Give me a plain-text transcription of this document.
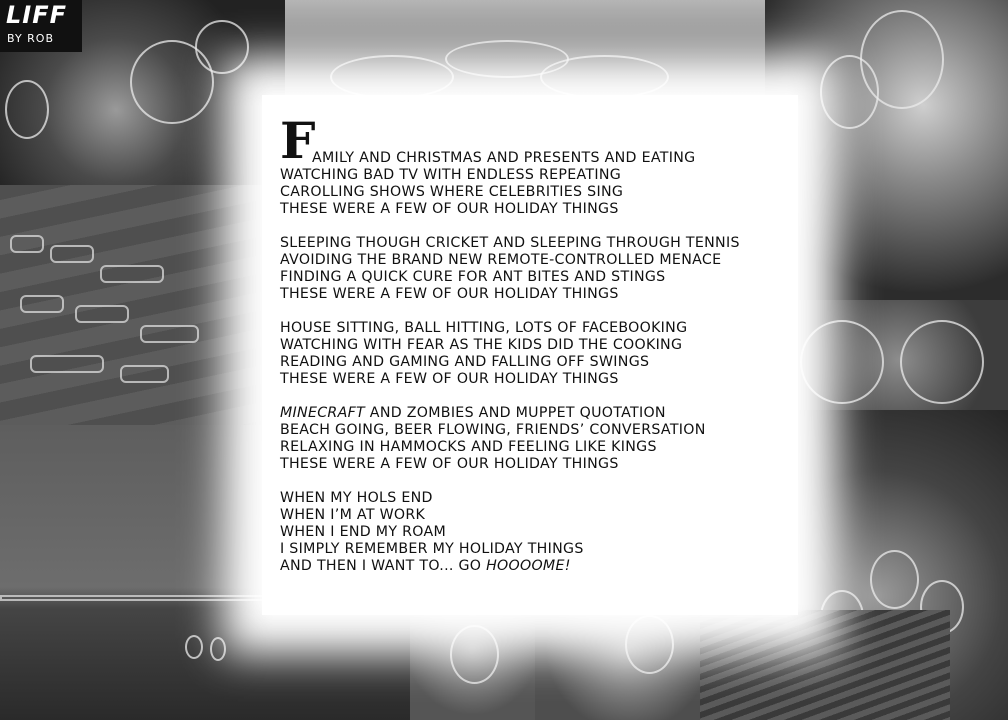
LIFF
BY ROB
F
AMILY AND CHRISTMAS AND PRESENTS AND EATING
WATCHING BAD TV WITH ENDLESS REPEATING
CAROLLING SHOWS WHERE CELEBRITIES SING
THESE WERE A FEW OF OUR HOLIDAY THINGS
SLEEPING THOUGH CRICKET AND SLEEPING THROUGH TENNIS
AVOIDING THE BRAND NEW REMOTE-CONTROLLED MENACE
FINDING A QUICK CURE FOR ANT BITES AND STINGS
THESE WERE A FEW OF OUR HOLIDAY THINGS
HOUSE SITTING, BALL HITTING, LOTS OF FACEBOOKING
WATCHING WITH FEAR AS THE KIDS DID THE COOKING
READING AND GAMING AND FALLING OFF SWINGS
THESE WERE A FEW OF OUR HOLIDAY THINGS
MINECRAFT AND ZOMBIES AND MUPPET QUOTATION
BEACH GOING, BEER FLOWING, FRIENDS’ CONVERSATION
RELAXING IN HAMMOCKS AND FEELING LIKE KINGS
THESE WERE A FEW OF OUR HOLIDAY THINGS
WHEN MY HOLS END
WHEN I’M AT WORK
WHEN I END MY ROAM
I SIMPLY REMEMBER MY HOLIDAY THINGS
AND THEN I WANT TO... GO HOOOOME!
